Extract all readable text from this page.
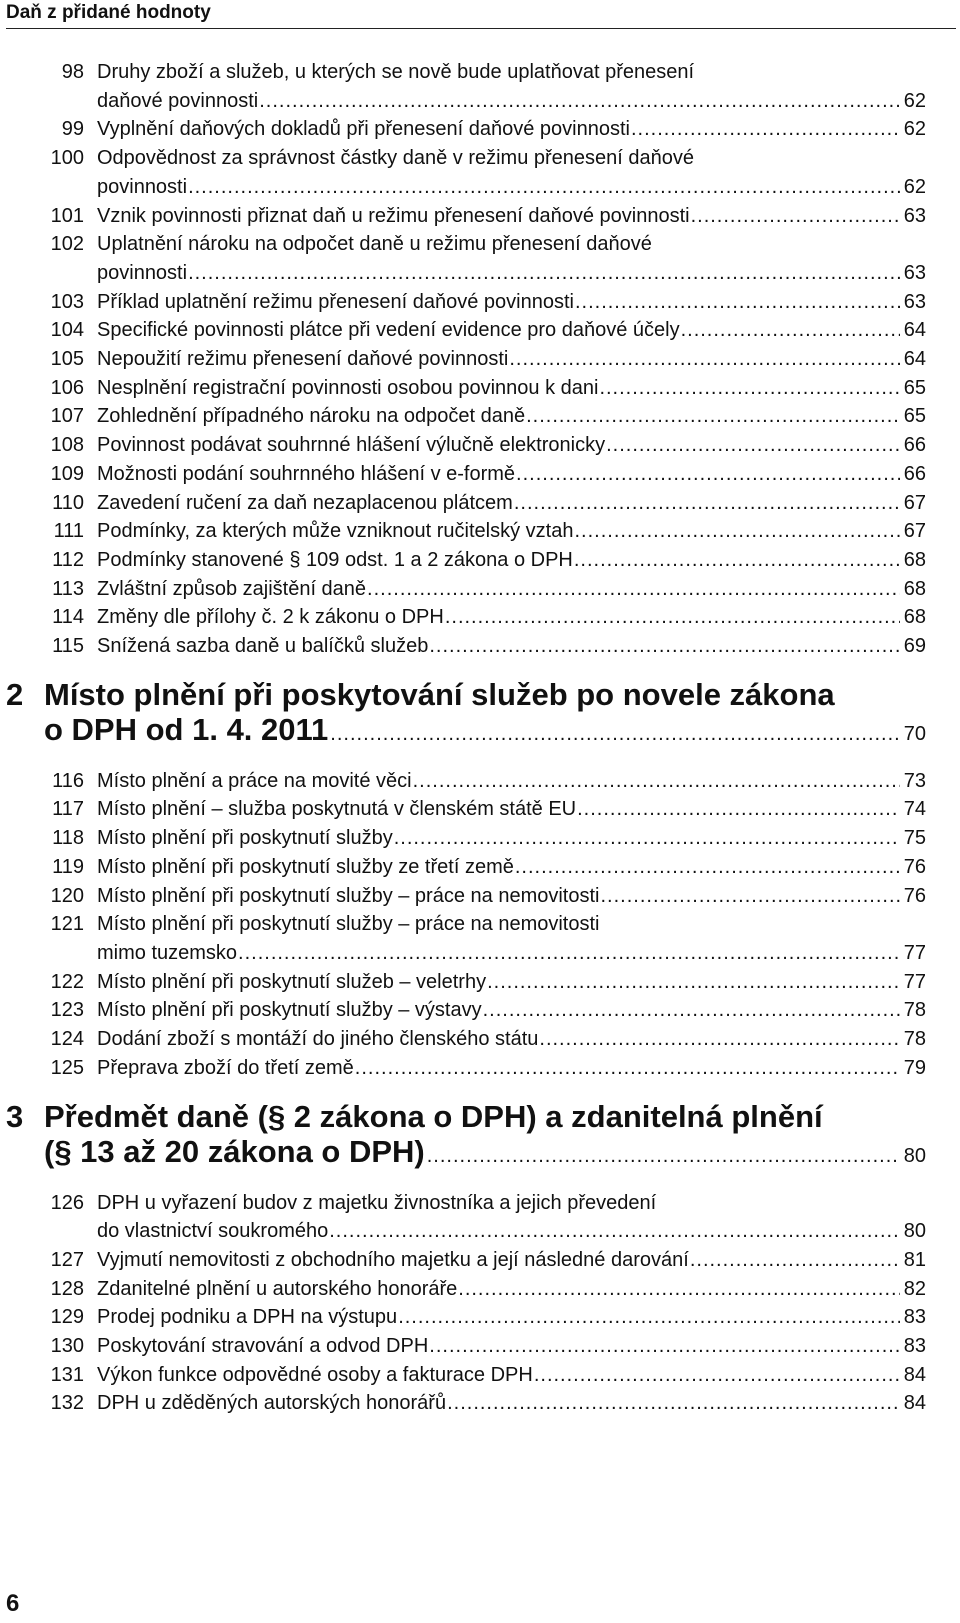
Daň z přidané hodnoty
98 Druhy zboží a služeb, u kterých se nově bude uplatňovat přenesení
daňové povinnosti .....	62
99 Vyplnění daňových dokladů při přenesení daňové povinnosti .....	62
100 Odpovědnost za správnost částky daně v režimu přenesení daňové
povinnosti .....	62
101 Vznik povinnosti přiznat daň u režimu přenesení daňové povinnosti .....	63
102 Uplatnění nároku na odpočet daně u režimu přenesení daňové
povinnosti .....	63
103 Příklad uplatnění režimu přenesení daňové povinnosti .....	63
104 Specifické povinnosti plátce při vedení evidence pro daňové účely .....	64
105 Nepoužití režimu přenesení daňové povinnosti .....	64
106 Nesplnění registrační povinnosti osobou povinnou k dani .....	65
107 Zohlednění případného nároku na odpočet daně .....	65
108 Povinnost podávat souhrnné hlášení výlučně elektronicky .....	66
109 Možnosti podání souhrnného hlášení v e-formě .....	66
110 Zavedení ručení za daň nezaplacenou plátcem .....	67
111 Podmínky, za kterých může vzniknout ručitelský vztah .....	67
112 Podmínky stanovené § 109 odst. 1 a 2 zákona o DPH .....	68
113 Zvláštní způsob zajištění daně .....	68
114 Změny dle přílohy č. 2 k zákonu o DPH .....	68
115 Snížená sazba daně u balíčků služeb .....	69
2 Místo plnění při poskytování služeb po novele zákona
o DPH od 1. 4. 2011 .....	70
116 Místo plnění a práce na movité věci .....	73
117 Místo plnění – služba poskytnutá v členském státě EU .....	74
118 Místo plnění při poskytnutí služby .....	75
119 Místo plnění při poskytnutí služby ze třetí země .....	76
120 Místo plnění při poskytnutí služby – práce na nemovitosti .....	76
121 Místo plnění při poskytnutí služby – práce na nemovitosti
mimo tuzemsko .....	77
122 Místo plnění při poskytnutí služeb – veletrhy .....	77
123 Místo plnění při poskytnutí služby – výstavy .....	78
124 Dodání zboží s montáží do jiného členského státu .....	78
125 Přeprava zboží do třetí země .....	79
3 Předmět daně (§ 2 zákona o DPH) a zdanitelná plnění
(§ 13 až 20 zákona o DPH) .....	80
126 DPH u vyřazení budov z majetku živnostníka a jejich převedení
do vlastnictví soukromého .....	80
127 Vyjmutí nemovitosti z obchodního majetku a její následné darování .....	81
128 Zdanitelné plnění u autorského honoráře .....	82
129 Prodej podniku a DPH na výstupu .....	83
130 Poskytování stravování a odvod DPH .....	83
131 Výkon funkce odpovědné osoby a fakturace DPH .....	84
132 DPH u zděděných autorských honorářů .....	84
6
